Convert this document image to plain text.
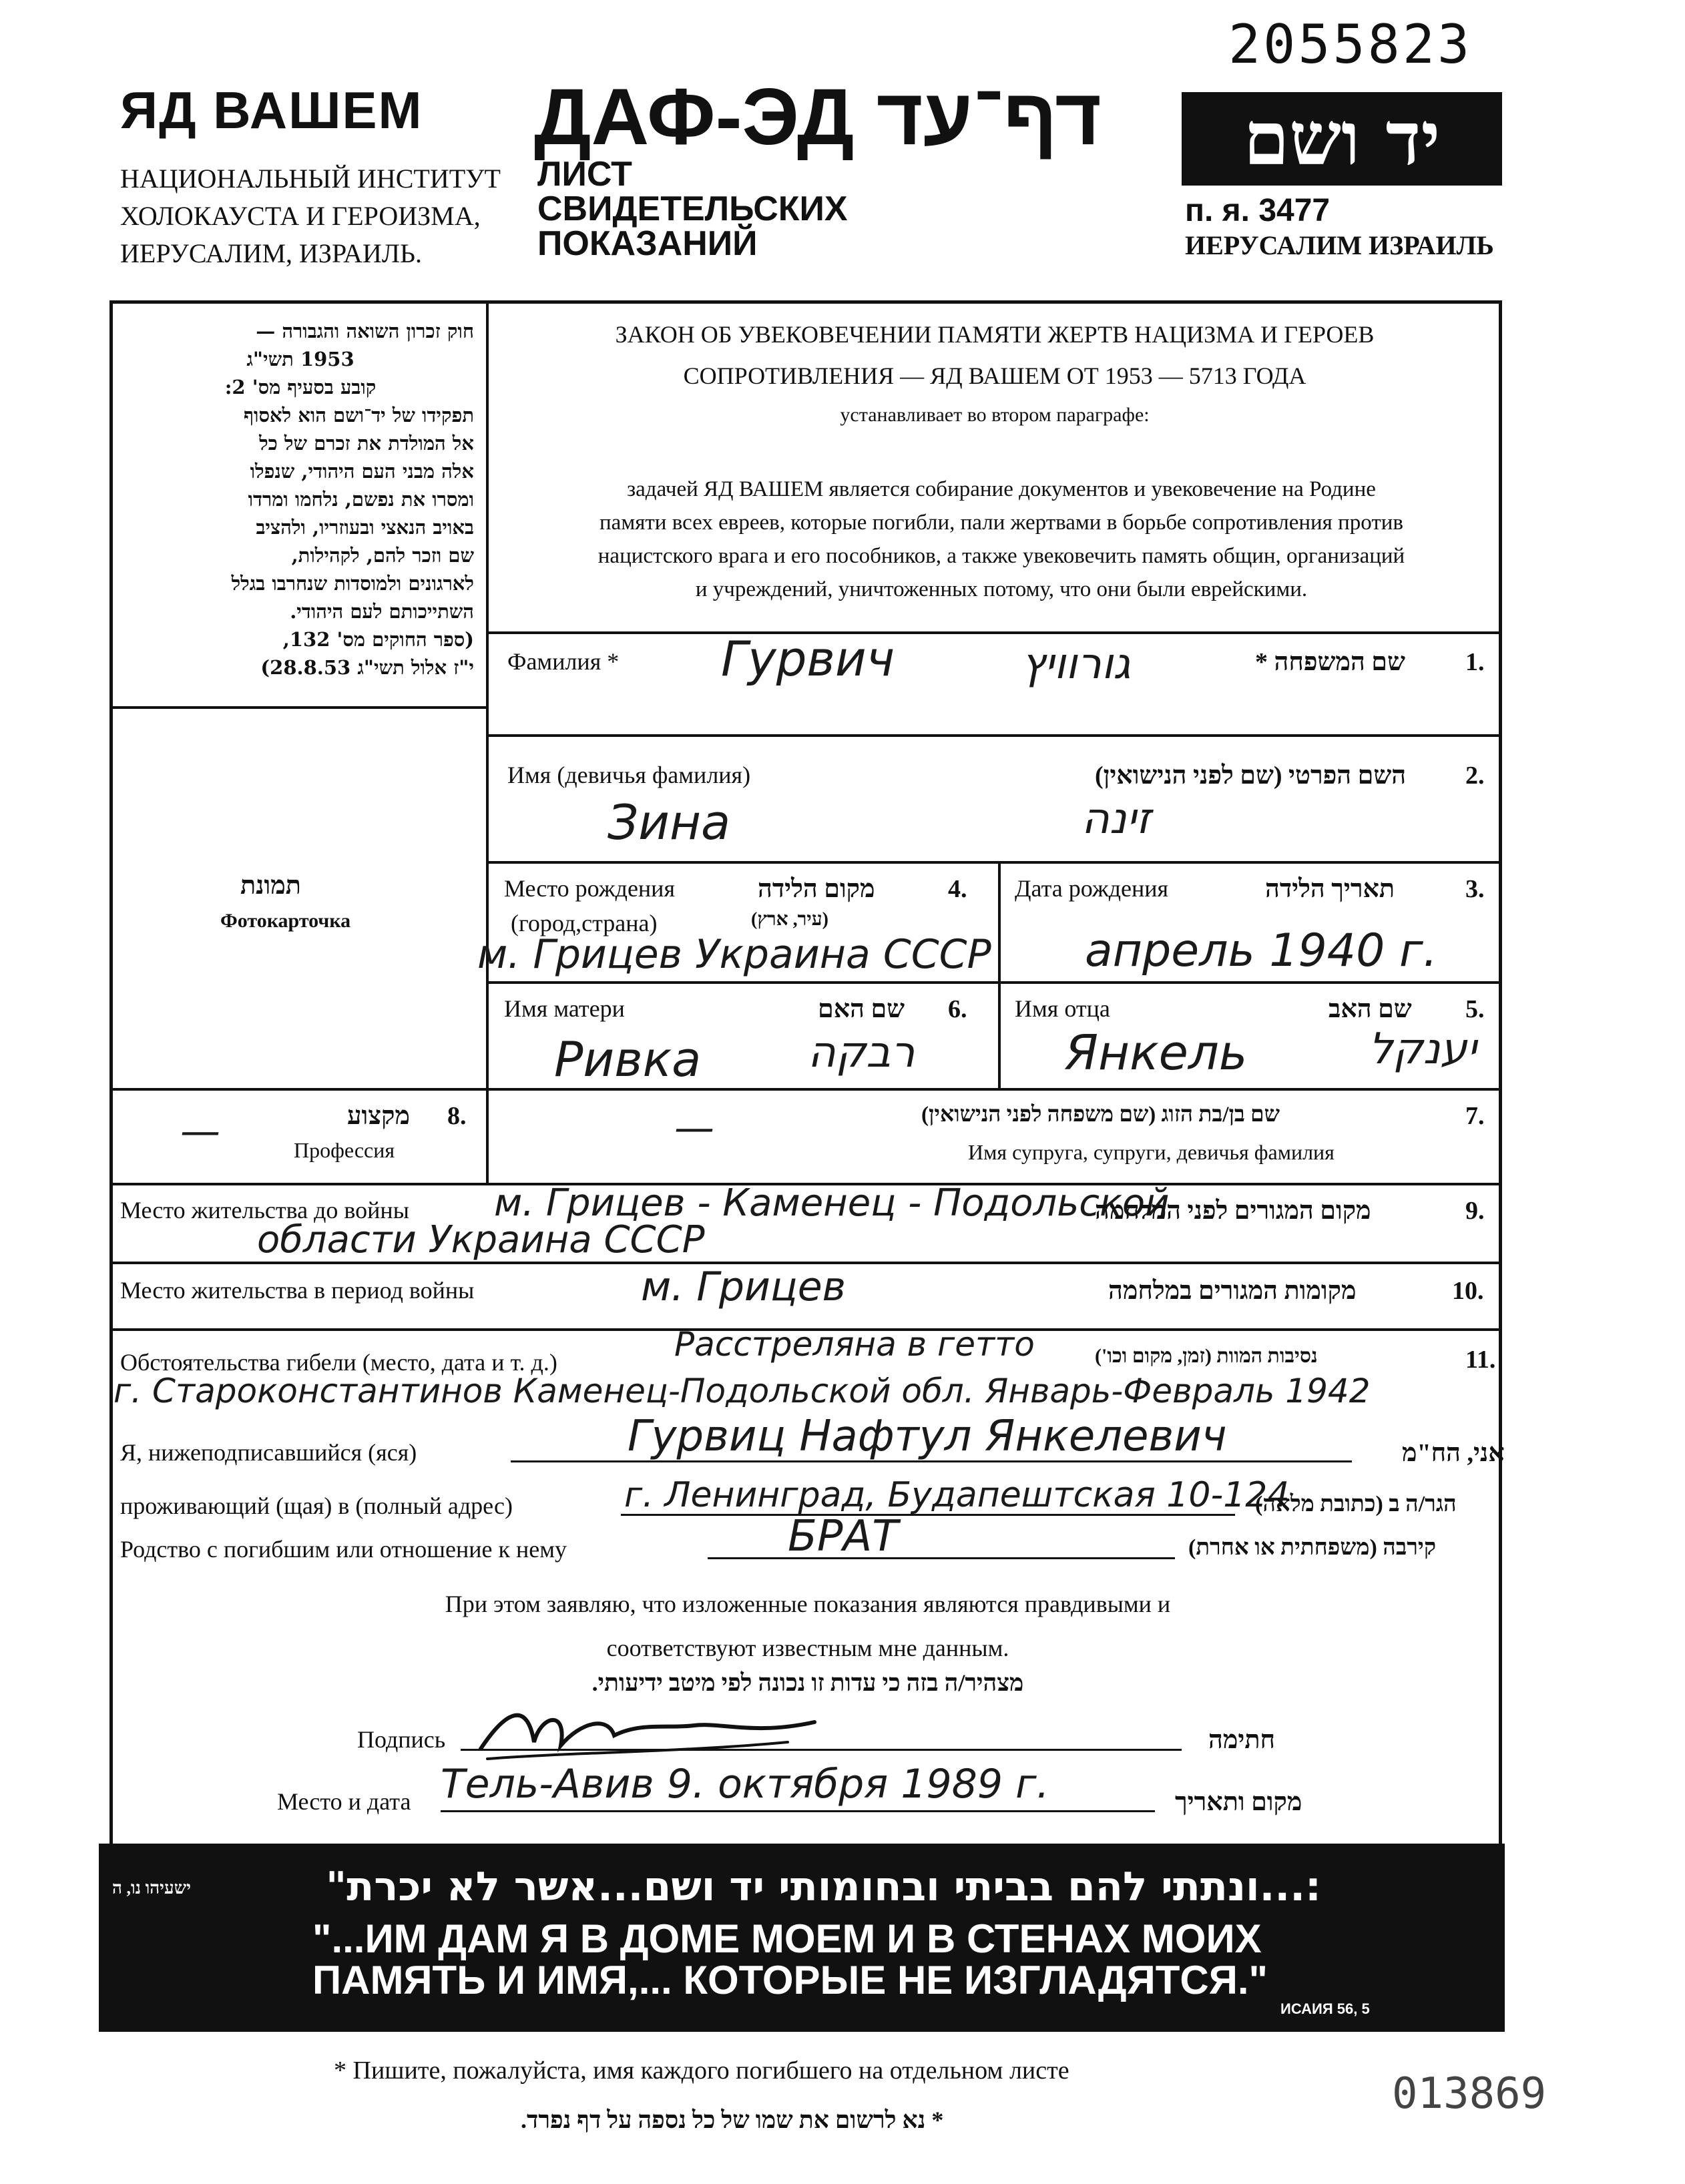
2055823
ЯД ВАШЕМ
НАЦИОНАЛЬНЫЙ ИНСТИТУТ
ХОЛОКАУСТА И ГЕРОИЗМА,
ИЕРУСАЛИМ, ИЗРАИЛЬ.
ДАФ-ЭД דף־עד
ЛИСТ
СВИДЕТЕЛЬСКИХ
ПОКАЗАНИЙ
יד ושם
п. я. 3477
ИЕРУСАЛИМ ИЗРАИЛЬ
חוק זכרון השואה והגבורה —
1953 תשי"ג
קובע בסעיף מס' 2:
תפקידו של יד־ושם הוא לאסוף
אל המולדת את זכרם של כל
אלה מבני העם היהודי, שנפלו
ומסרו את נפשם, נלחמו ומרדו
באויב הנאצי ובעוזריו, ולהציב
שם וזכר להם, לקהילות,
לארגונים ולמוסדות שנחרבו בגלל
השתייכותם לעם היהודי.
(ספר החוקים מס' 132,
י"ז אלול תשי"ג 28.8.53)
ЗАКОН ОБ УВЕКОВЕЧЕНИИ ПАМЯТИ ЖЕРТВ НАЦИЗМА И ГЕРОЕВ
СОПРОТИВЛЕНИЯ — ЯД ВАШЕМ ОТ 1953 — 5713 ГОДА
устанавливает во втором параграфе:
задачей ЯД ВАШЕМ является собирание документов и увековечение на Родине
памяти всех евреев, которые погибли, пали жертвами в борьбе сопротивления против
нацистского врага и его пособников, а также увековечить память общин, организаций
и учреждений, уничтоженных потому, что они были еврейскими.
תמונת
Фотокарточка
Фамилия * Гурвич	גורוויץ	שם המשפחה * 1.
Имя (девичья фамилия)
Зина	זינה
השם הפרטי (שם לפני הנישואין) 2.
Место рождения
(город,страна)
מקום הלידה
(עיר, ארץ)
4.
м. Грицев Украина СССР
Дата рождения	תאריך הלידה	3.
апрель 1940 г.
Имя матери	שם האם 6.
Ривка רבקה
Имя отца	שם האב 5.
Янкель	יענקל
—	מקצוע 8.
Профессия	—	שם בן/בת הזוג (שם משפחה לפני הנישואין)	7.
Имя супруга, супруги, девичья фамилия
Место жительства до войны м. Грицев - Каменец - Подольской
מקום המגורים לפני המלחמה	9.
области Украина СССР
Место жительства в период войны	м. Грицев	מקומות המגורים במלחמה	10.
Обстоятельства гибели (место, дата и т. д.)	Расстреляна в гетто	נסיבות המוות (זמן, מקום וכו')	11.
г. Староконстантинов Каменец-Подольской обл. Январь-Февраль 1942
Я, нижеподписавшийся (яся)	Гурвиц Нафтул Янкелевич	אני, הח"מ
проживающий (щая) в (полный адрес)	г. Ленинград, Будапештская 10-124
הגר/ה ב (כתובת מלאה)
Родство с погибшим или отношение к нему	БРАТ	קירבה (משפחתית או אחרת)
При этом заявляю, что изложенные показания являются правдивыми и
соответствуют известным мне данным.
מצהיר/ה בזה כי עדות זו נכונה לפי מיטב ידיעותי.
Подпись	חתימה
Место и дата Тель-Авив 9. октября 1989 г.	מקום ותאריך
ישעיהו נו, ה	:...ונתתי להם בביתי ובחומותי יד ושם...אשר לא יכרת"
"...ИМ ДАМ Я В ДОМЕ МОЕМ И В СТЕНАХ МОИХ
ПАМЯТЬ И ИМЯ,... КОТОРЫЕ НЕ ИЗГЛАДЯТСЯ."
ИСАИЯ 56, 5
* Пишите, пожалуйста, имя каждого погибшего на отдельном листе
* נא לרשום את שמו של כל נספה על דף נפרד.
013869
